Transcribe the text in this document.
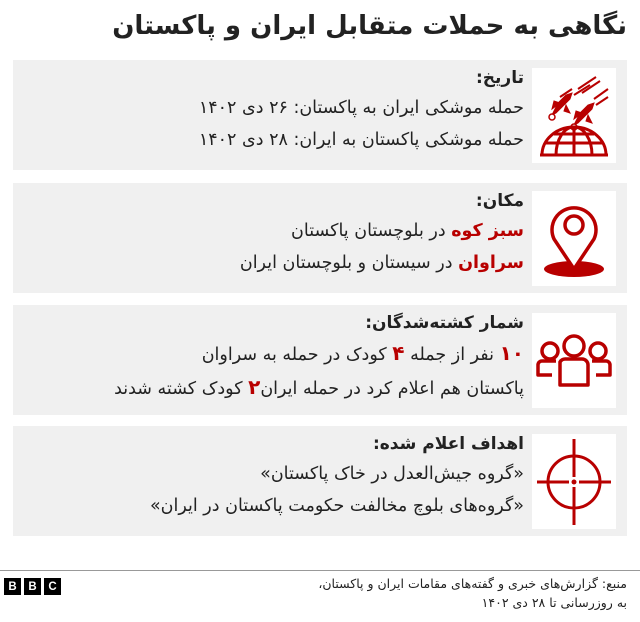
نگاهی به حملات متقابل ایران و پاکستان
تاریخ:
حمله موشکی ایران به پاکستان: ۲۶ دی ۱۴۰۲
حمله موشکی پاکستان به ایران: ۲۸ دی ۱۴۰۲
مکان:
سبز کوه در بلوچستان پاکستان
سراوان در سیستان و بلوچستان ایران
شمار کشته‌شدگان:
۱۰ نفر از جمله ۴ کودک در حمله به سراوان
پاکستان هم اعلام کرد در حمله ایران۲ کودک کشته شدند
اهداف اعلام شده:
«گروه جیش‌العدل در خاک پاکستان»
«گروه‌های بلوچ مخالفت حکومت پاکستان در ایران»
B	B	C	منبع: گزارش‌های خبری و گفته‌های مقامات ایران و پاکستان،
به روزرسانی تا ۲۸ دی ۱۴۰۲
